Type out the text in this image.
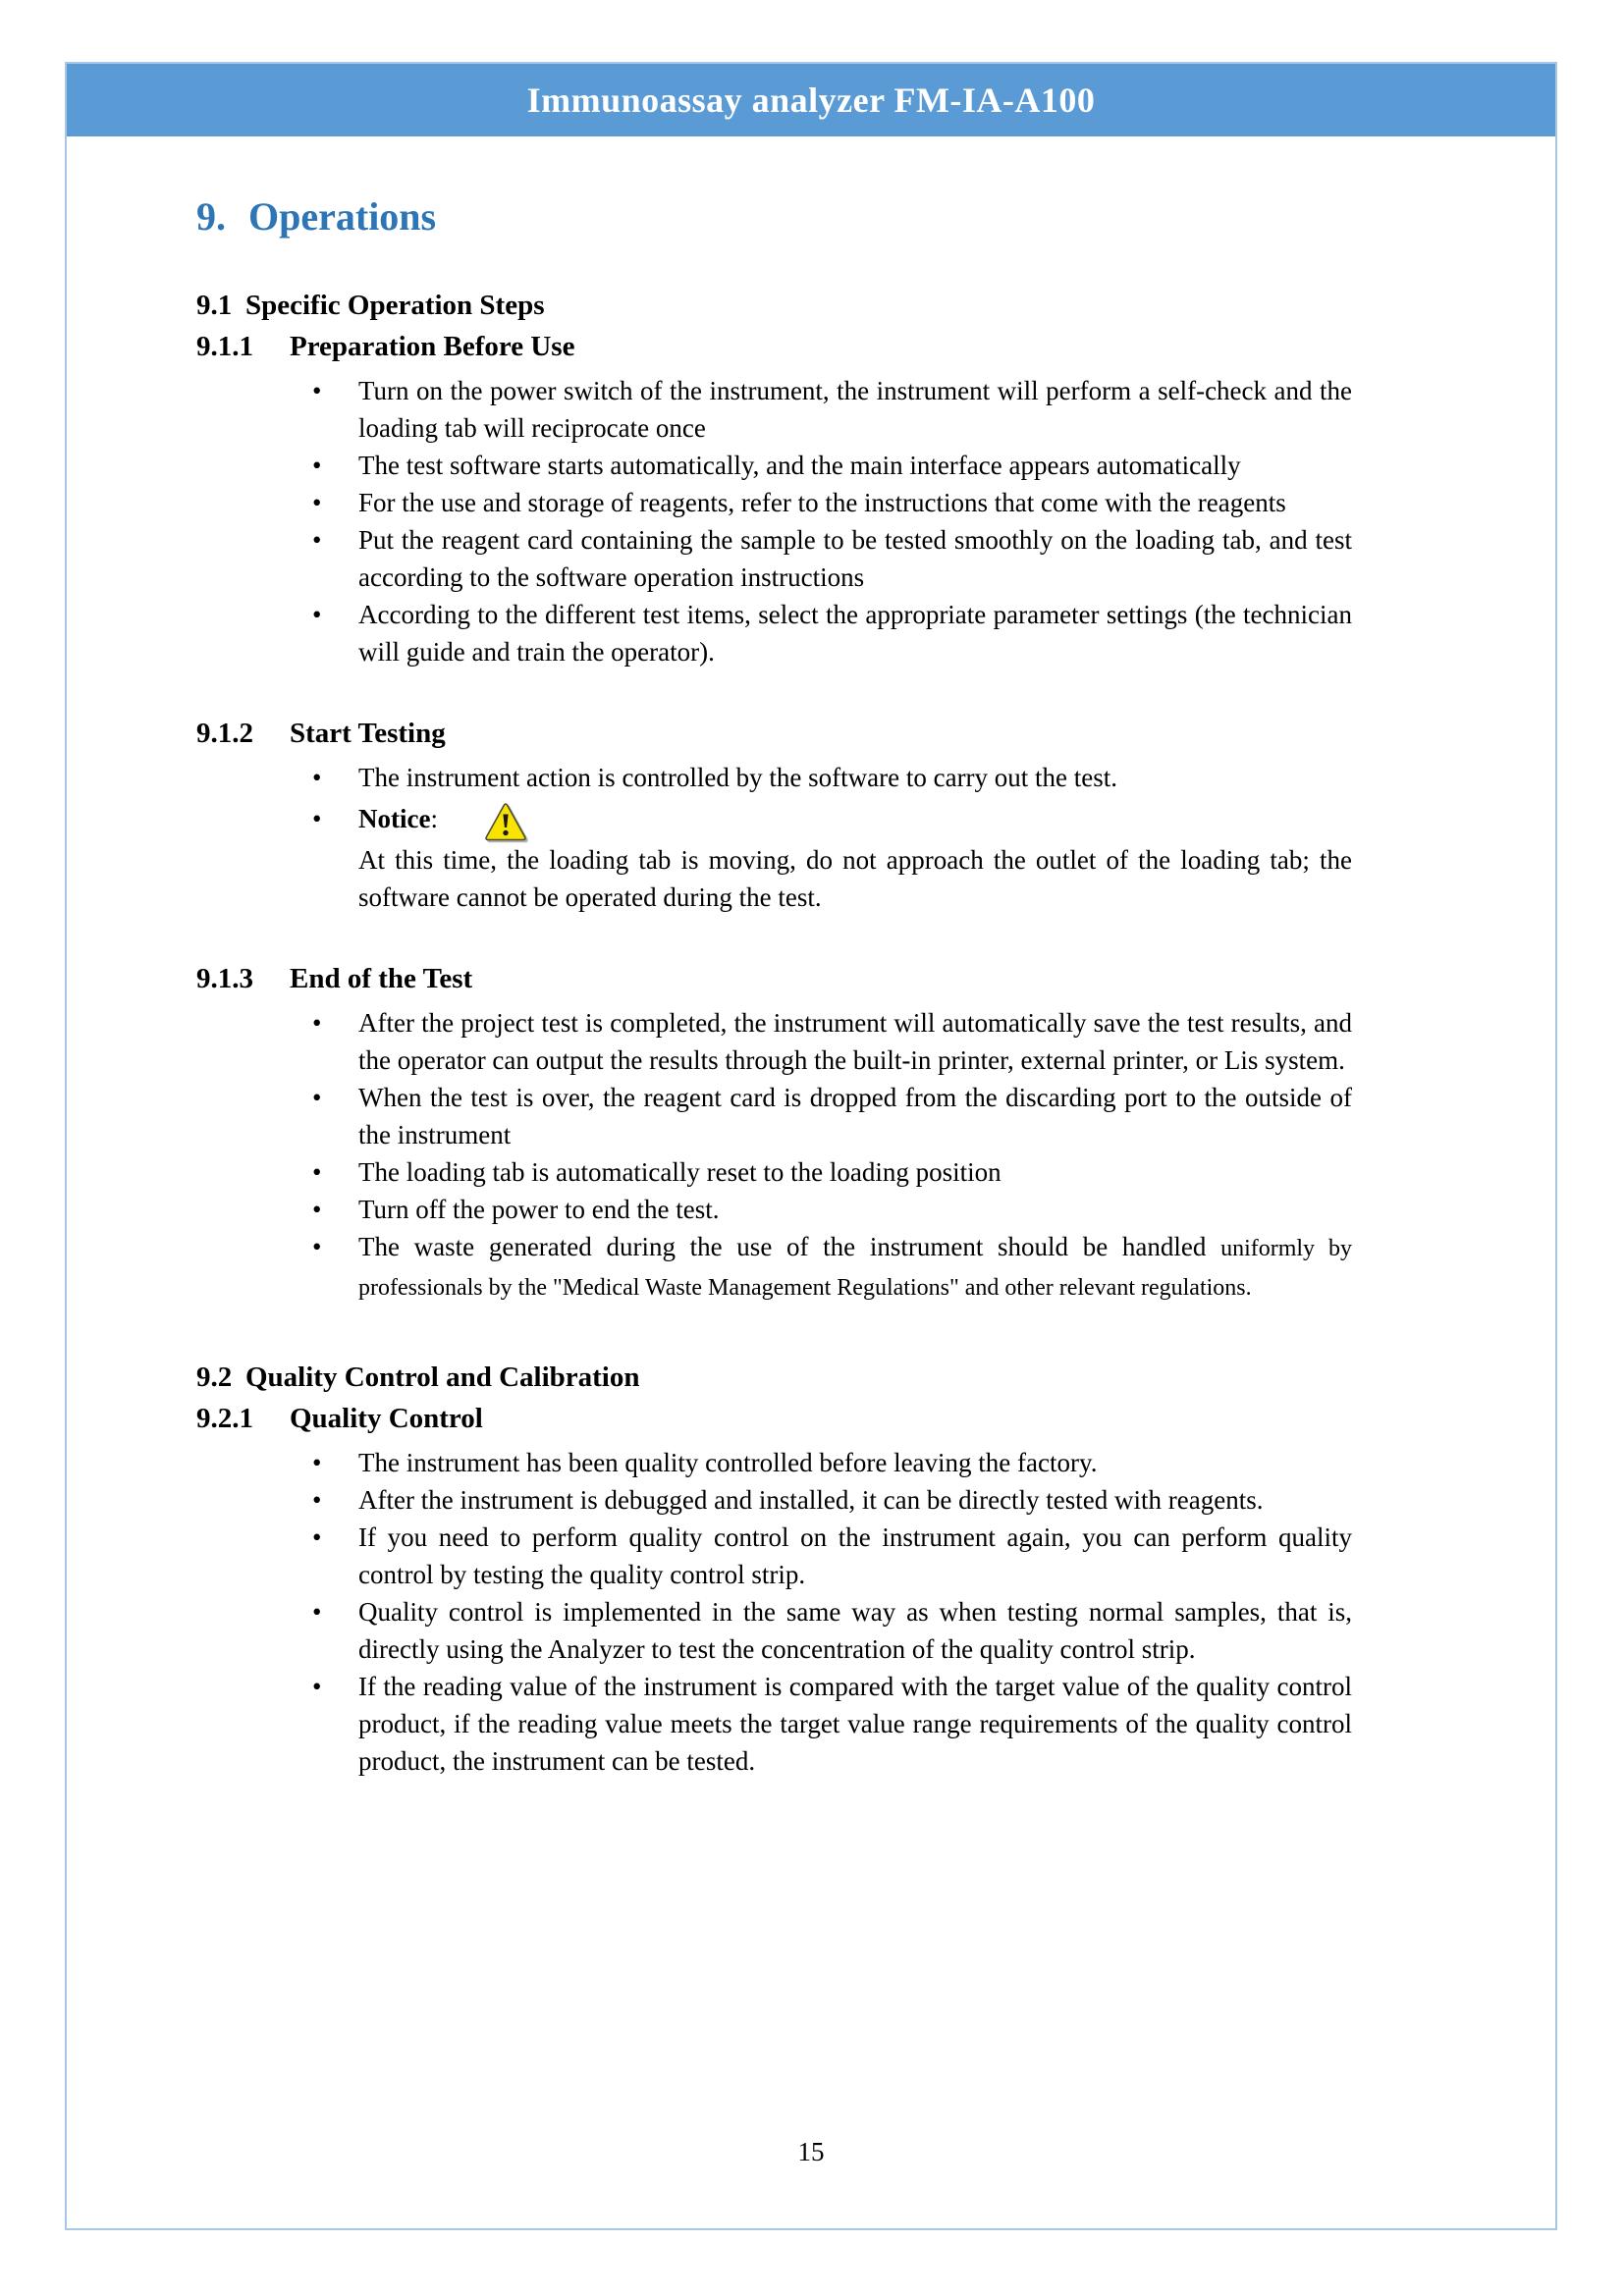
Immunoassay analyzer FM-IA-A100
9. Operations
9.1 Specific Operation Steps
9.1.1 Preparation Before Use

• Turn on the power switch of the instrument, the instrument will perform a self-check and the loading tab will reciprocate once

• The test software starts automatically, and the main interface appears automatically

• For the use and storage of reagents, refer to the instructions that come with the reagents

• Put the reagent card containing the sample to be tested smoothly on the loading tab, and test according to the software operation instructions

• According to the different test items, select the appropriate parameter settings (the technician will guide and train the operator).

9.1.2 Start Testing

• The instrument action is controlled by the software to carry out the test.

• Notice :

At this time, the loading tab is moving, do not approach the outlet of the loading tab; the software cannot be operated during the test.

9.1.3 End of the Test

• After the project test is completed, the instrument will automatically save the test results, and the operator can output the results through the built-in printer, external printer, or Lis system.

• When the test is over, the reagent card is dropped from the discarding port to the outside of the instrument

• The loading tab is automatically reset to the loading position

• Turn off the power to end the test.

• The waste generated during the use of the instrument should be handled uniformly by professionals by the "Medical Waste Management Regulations" and other relevant regulations.

9.2 Quality Control and Calibration
9.2.1 Quality Control

• The instrument has been quality controlled before leaving the factory.

• After the instrument is debugged and installed, it can be directly tested with reagents.

• If you need to perform quality control on the instrument again, you can perform quality control by testing the quality control strip.

• Quality control is implemented in the same way as when testing normal samples, that is, directly using the Analyzer to test the concentration of the quality control strip.

• If the reading value of the instrument is compared with the target value of the quality control product, if the reading value meets the target value range requirements of the quality control product, the instrument can be tested.

15
